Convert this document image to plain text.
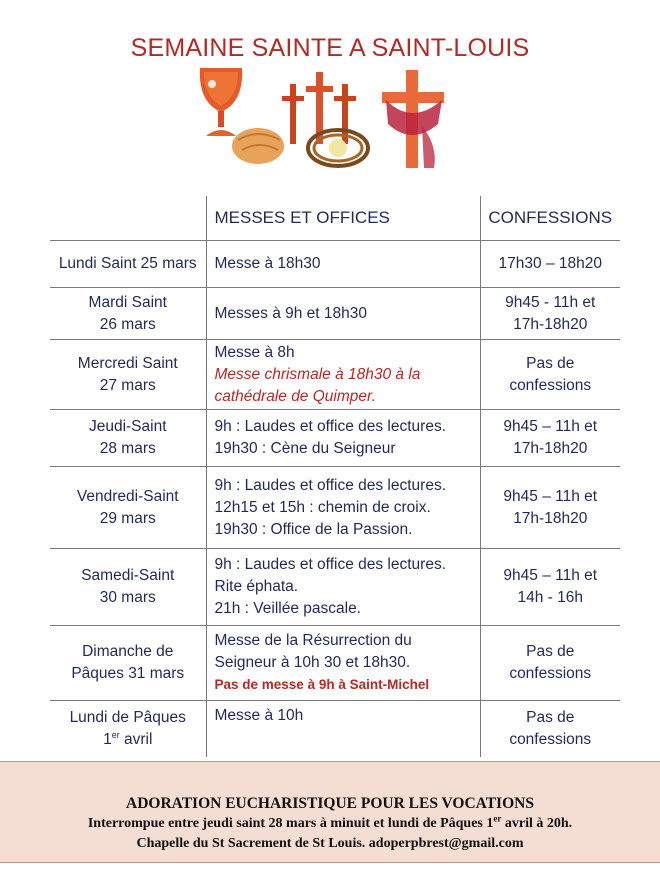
SEMAINE SAINTE A SAINT-LOUIS
	MESSES ET OFFICES	CONFESSIONS

Lundi Saint 25 mars	Messe à 18h30	17h30 – 18h20

Mardi Saint
26 mars	Messes à 9h et 18h30	9h45 - 11h et
17h-18h20

Mercredi Saint
27 mars	Messe à 8h
Messe chrismale à 18h30 à la
cathédrale de Quimper.	Pas de
confessions

Jeudi-Saint
28 mars	9h : Laudes et office des lectures.
19h30 : Cène du Seigneur	9h45 – 11h et
17h-18h20

Vendredi-Saint
29 mars	9h : Laudes et office des lectures.
12h15 et 15h : chemin de croix.
19h30 : Office de la Passion.	9h45 – 11h et
17h-18h20

Samedi-Saint
30 mars	9h : Laudes et office des lectures.
Rite éphata.
21h : Veillée pascale.	9h45 – 11h et
14h - 16h

Dimanche de
Pâques 31 mars	Messe de la Résurrection du
Seigneur à 10h 30 et 18h30.
Pas de messe à 9h à Saint-Michel	Pas de
confessions

Lundi de Pâques
1er avril	Messe à 10h	Pas de
confessions
ADORATION EUCHARISTIQUE POUR LES VOCATIONS
Interrompue entre jeudi saint 28 mars à minuit et lundi de Pâques 1er avril à 20h.
Chapelle du St Sacrement de St Louis. adoperpbrest@gmail.com
